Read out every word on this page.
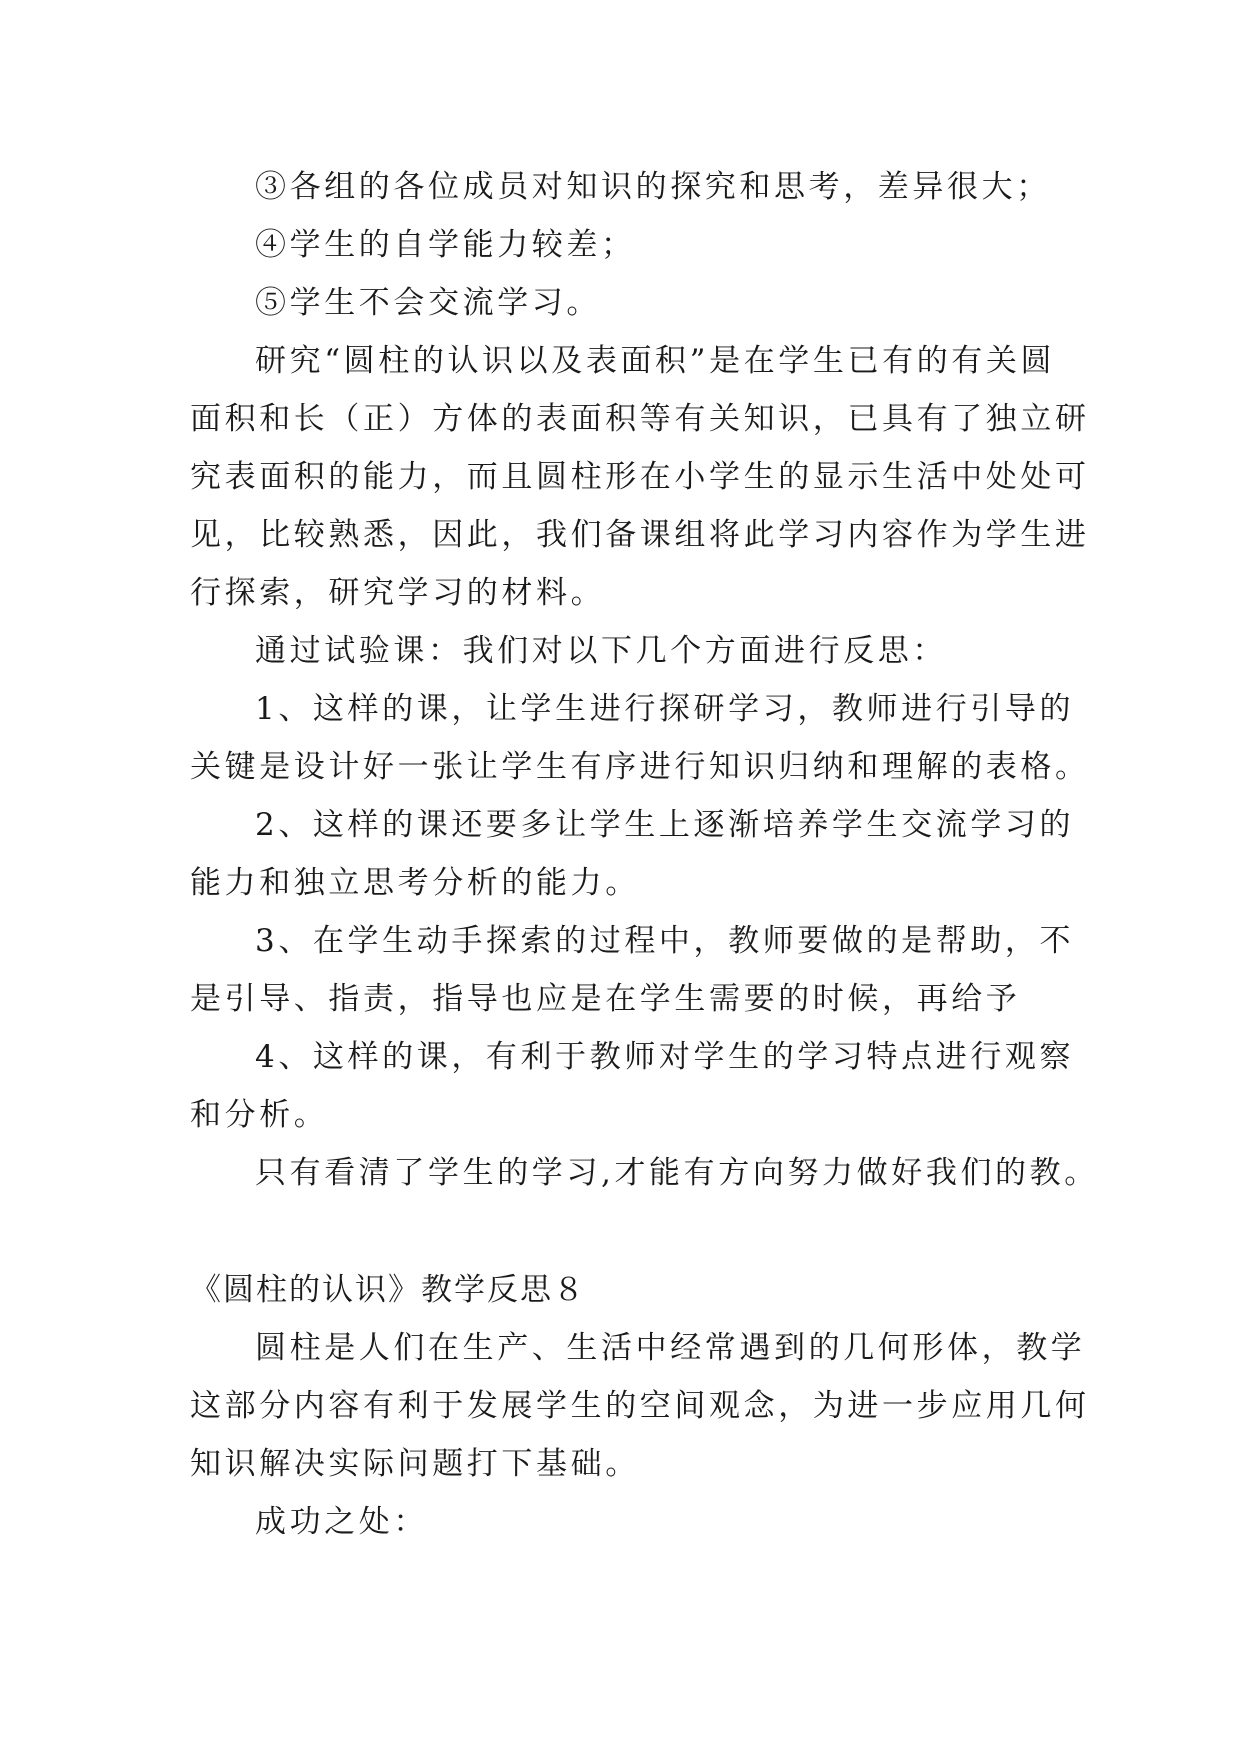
③各组的各位成员对知识的探究和思考，差异很大；
④学生的自学能力较差；
⑤学生不会交流学习。
研究“圆柱的认识以及表面积”是在学生已有的有关圆
面积和长（正）方体的表面积等有关知识，已具有了独立研
究表面积的能力，而且圆柱形在小学生的显示生活中处处可
见，比较熟悉，因此，我们备课组将此学习内容作为学生进
行探索，研究学习的材料。
通过试验课：我们对以下几个方面进行反思：
1、这样的课，让学生进行探研学习，教师进行引导的
关键是设计好一张让学生有序进行知识归纳和理解的表格。
2、这样的课还要多让学生上逐渐培养学生交流学习的
能力和独立思考分析的能力。
3、在学生动手探索的过程中，教师要做的是帮助，不
是引导、指责，指导也应是在学生需要的时候，再给予
4、这样的课，有利于教师对学生的学习特点进行观察
和分析。
只有看清了学生的学习,才能有方向努力做好我们的教。
《圆柱的认识》教学反思８
圆柱是人们在生产、生活中经常遇到的几何形体，教学
这部分内容有利于发展学生的空间观念，为进一步应用几何
知识解决实际问题打下基础。
成功之处：
